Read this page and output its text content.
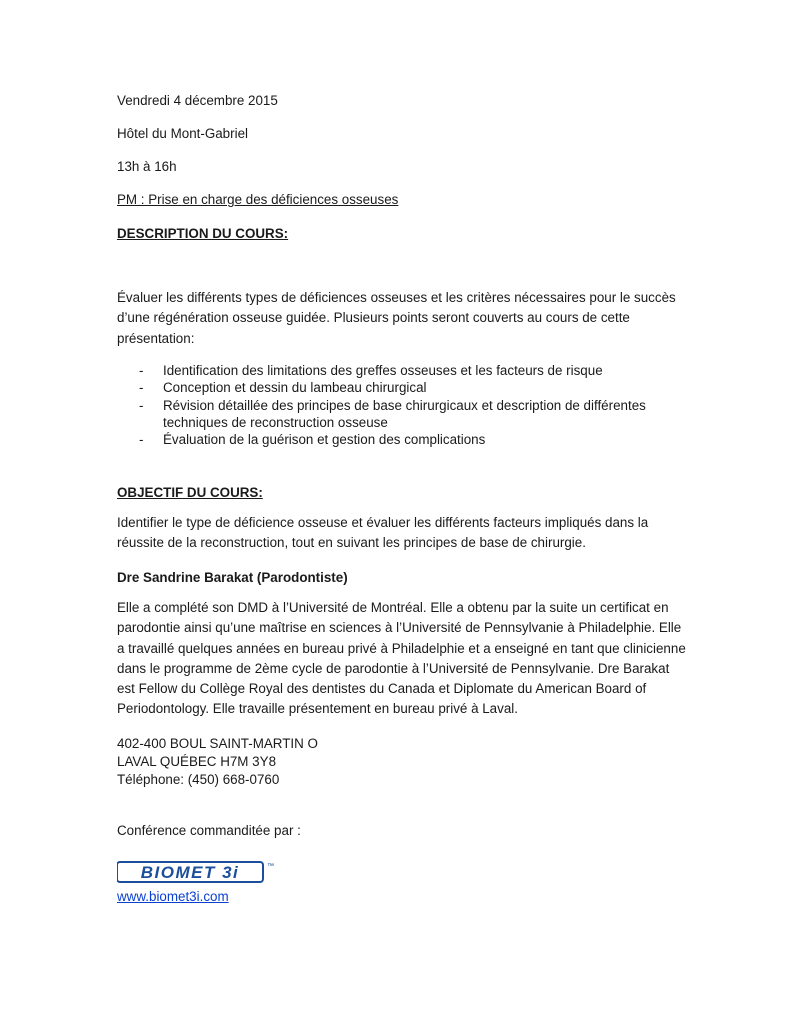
Vendredi 4 décembre 2015
Hôtel du Mont-Gabriel
13h à 16h
PM : Prise en charge des déficiences osseuses
DESCRIPTION DU COURS:
Évaluer les différents types de déficiences osseuses et les critères nécessaires pour le succès d’une régénération osseuse guidée. Plusieurs points seront couverts au cours de cette présentation:
- Identification des limitations des greffes osseuses et les facteurs de risque
- Conception et dessin du lambeau chirurgical
- Révision détaillée des principes de base chirurgicaux et description de différentes techniques de reconstruction osseuse
- Évaluation de la guérison et gestion des complications
OBJECTIF DU COURS:
Identifier le type de déficience osseuse et évaluer les différents facteurs impliqués dans la réussite de la reconstruction, tout en suivant les principes de base de chirurgie.
Dre Sandrine Barakat (Parodontiste)
Elle a complété son DMD à l’Université de Montréal. Elle a obtenu par la suite un certificat en parodontie ainsi qu’une maîtrise en sciences à l’Université de Pennsylvanie à Philadelphie. Elle a travaillé quelques années en bureau privé à Philadelphie et a enseigné en tant que clinicienne dans le programme de 2ème cycle de parodontie à l’Université de Pennsylvanie. Dre Barakat est Fellow du Collège Royal des dentistes du Canada et Diplomate du American Board of Periodontology. Elle travaille présentement en bureau privé à Laval.
402-400 BOUL SAINT-MARTIN O
LAVAL QUÉBEC H7M 3Y8
Téléphone: (450) 668-0760
Conférence commanditée par :
BIOMET 3i	™
www.biomet3i.com
